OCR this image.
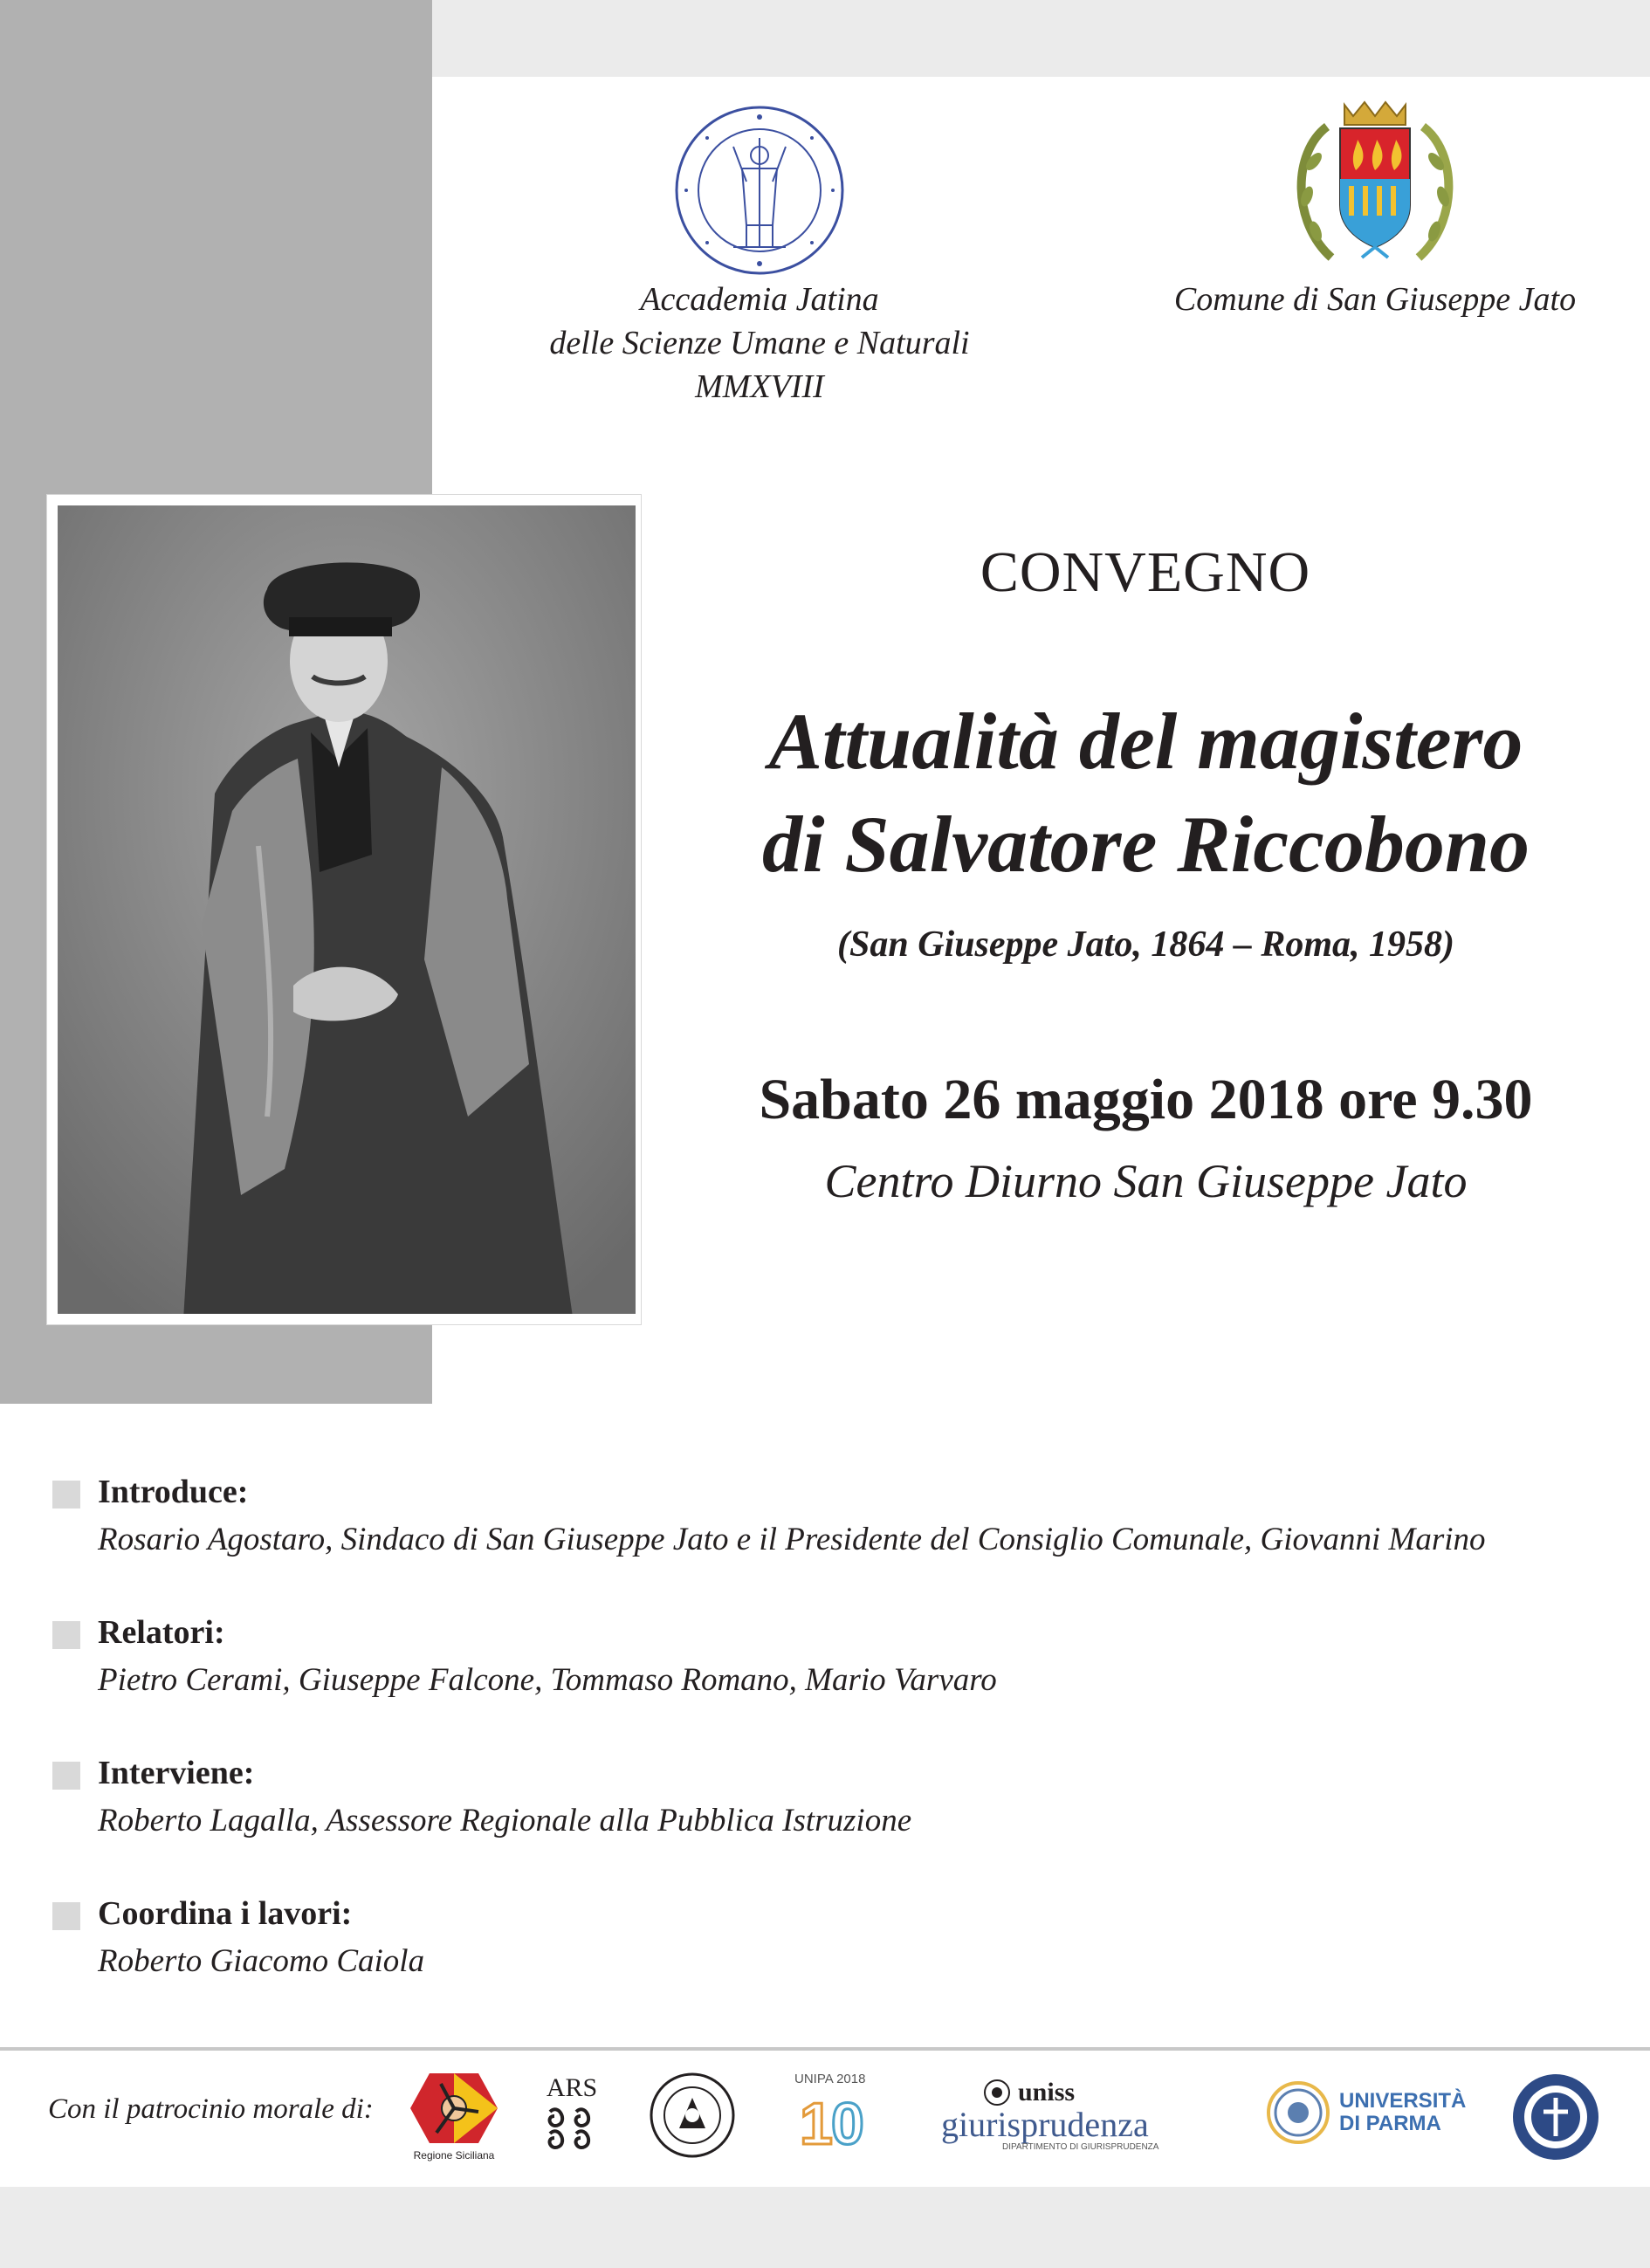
Accademia Jatina
delle Scienze Umane e Naturali
MMXVIII
Comune di San Giuseppe Jato
CONVEGNO
Attualità del magistero
di Salvatore Riccobono
(San Giuseppe Jato, 1864 – Roma, 1958)
Sabato 26 maggio 2018 ore 9.30
Centro Diurno San Giuseppe Jato
Introduce:
Rosario Agostaro, Sindaco di San Giuseppe Jato e il Presidente del Consiglio Comunale, Giovanni Marino
Relatori:
Pietro Cerami, Giuseppe Falcone, Tommaso Romano, Mario Varvaro
Interviene:
Roberto Lagalla, Assessore Regionale alla Pubblica Istruzione
Coordina i lavori:
Roberto Giacomo Caiola
Con il patrocinio morale di:
Regione Siciliana
ARS	UNIPA 2018
1
0	uniss
giurisprudenza
DIPARTIMENTO DI GIURISPRUDENZA
UNIVERSITÀ
DI PARMA
